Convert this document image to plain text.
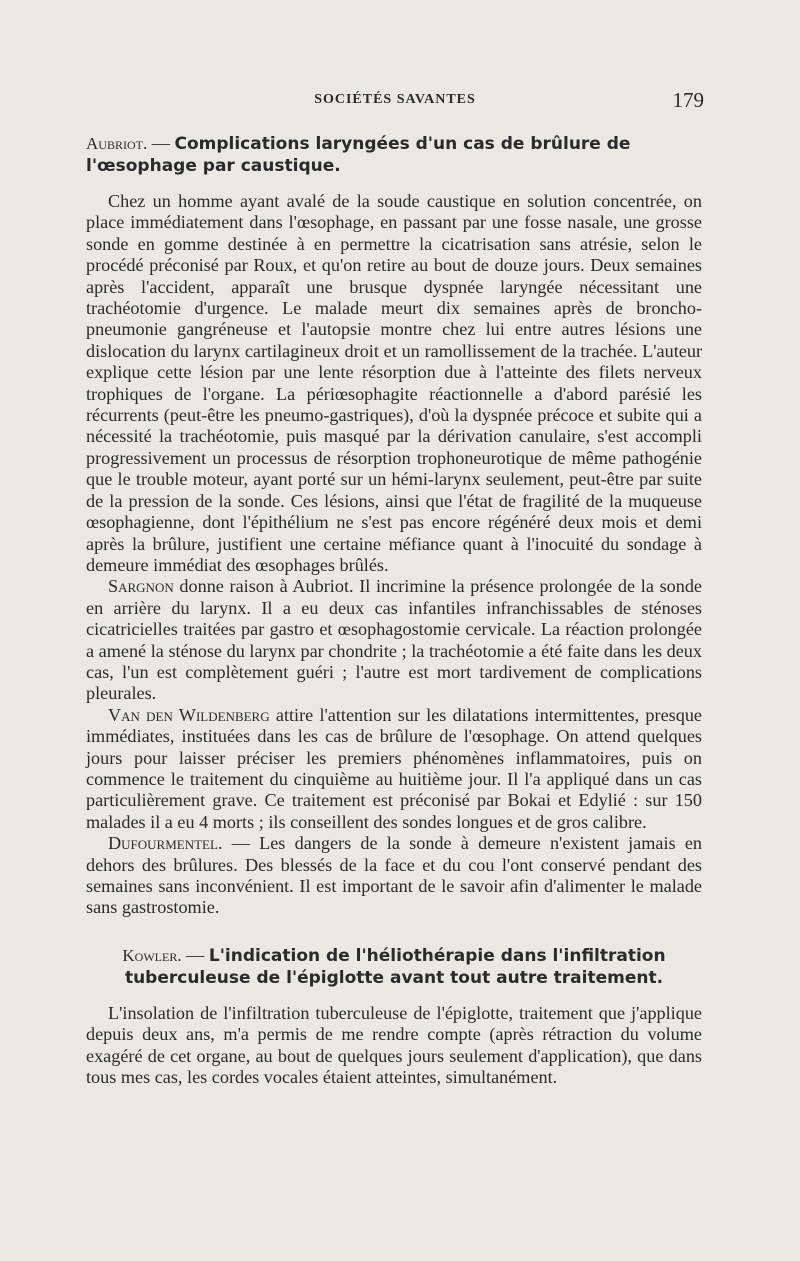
SOCIÉTÉS SAVANTES	179
Aubriot. — Complications laryngées d'un cas de brûlure de l'œsophage par caustique.

Chez un homme ayant avalé de la soude caustique en solution concentrée, on place immédiatement dans l'œsophage, en passant par une fosse nasale, une grosse sonde en gomme destinée à en permettre la cicatrisation sans atrésie, selon le procédé préconisé par Roux, et qu'on retire au bout de douze jours. Deux semaines après l'accident, apparaît une brusque dyspnée laryngée nécessitant une trachéotomie d'urgence. Le malade meurt dix semaines après de broncho-pneumonie gangréneuse et l'autopsie montre chez lui entre autres lésions une dislocation du larynx cartilagineux droit et un ramollissement de la trachée. L'auteur explique cette lésion par une lente résorption due à l'atteinte des filets nerveux trophiques de l'organe. La périœsophagite réactionnelle a d'abord parésié les récurrents (peut-être les pneumo-gastriques), d'où la dyspnée précoce et subite qui a nécessité la trachéotomie, puis masqué par la dérivation canulaire, s'est accompli progressivement un processus de résorption trophoneurotique de même pathogénie que le trouble moteur, ayant porté sur un hémi-larynx seulement, peut-être par suite de la pression de la sonde. Ces lésions, ainsi que l'état de fragilité de la muqueuse œsophagienne, dont l'épithélium ne s'est pas encore régénéré deux mois et demi après la brûlure, justifient une certaine méfiance quant à l'inocuité du sondage à demeure immédiat des œsophages brûlés.

Sargnon donne raison à Aubriot. Il incrimine la présence prolongée de la sonde en arrière du larynx. Il a eu deux cas infantiles infranchissables de sténoses cicatricielles traitées par gastro et œsophagostomie cervicale. La réaction prolongée a amené la sténose du larynx par chondrite ; la trachéotomie a été faite dans les deux cas, l'un est complètement guéri ; l'autre est mort tardivement de complications pleurales.

Van den Wildenberg attire l'attention sur les dilatations intermittentes, presque immédiates, instituées dans les cas de brûlure de l'œsophage. On attend quelques jours pour laisser préciser les premiers phénomènes inflammatoires, puis on commence le traitement du cinquième au huitième jour. Il l'a appliqué dans un cas particulièrement grave. Ce traitement est préconisé par Bokai et Edylié : sur 150 malades il a eu 4 morts ; ils conseillent des sondes longues et de gros calibre.

Dufourmentel. — Les dangers de la sonde à demeure n'existent jamais en dehors des brûlures. Des blessés de la face et du cou l'ont conservé pendant des semaines sans inconvénient. Il est important de le savoir afin d'alimenter le malade sans gastrostomie.

Kowler. — L'indication de l'héliothérapie dans l'infiltration tuberculeuse de l'épiglotte avant tout autre traitement.

L'insolation de l'infiltration tuberculeuse de l'épiglotte, traitement que j'applique depuis deux ans, m'a permis de me rendre compte (après rétraction du volume exagéré de cet organe, au bout de quelques jours seulement d'application), que dans tous mes cas, les cordes vocales étaient atteintes, simultanément.
